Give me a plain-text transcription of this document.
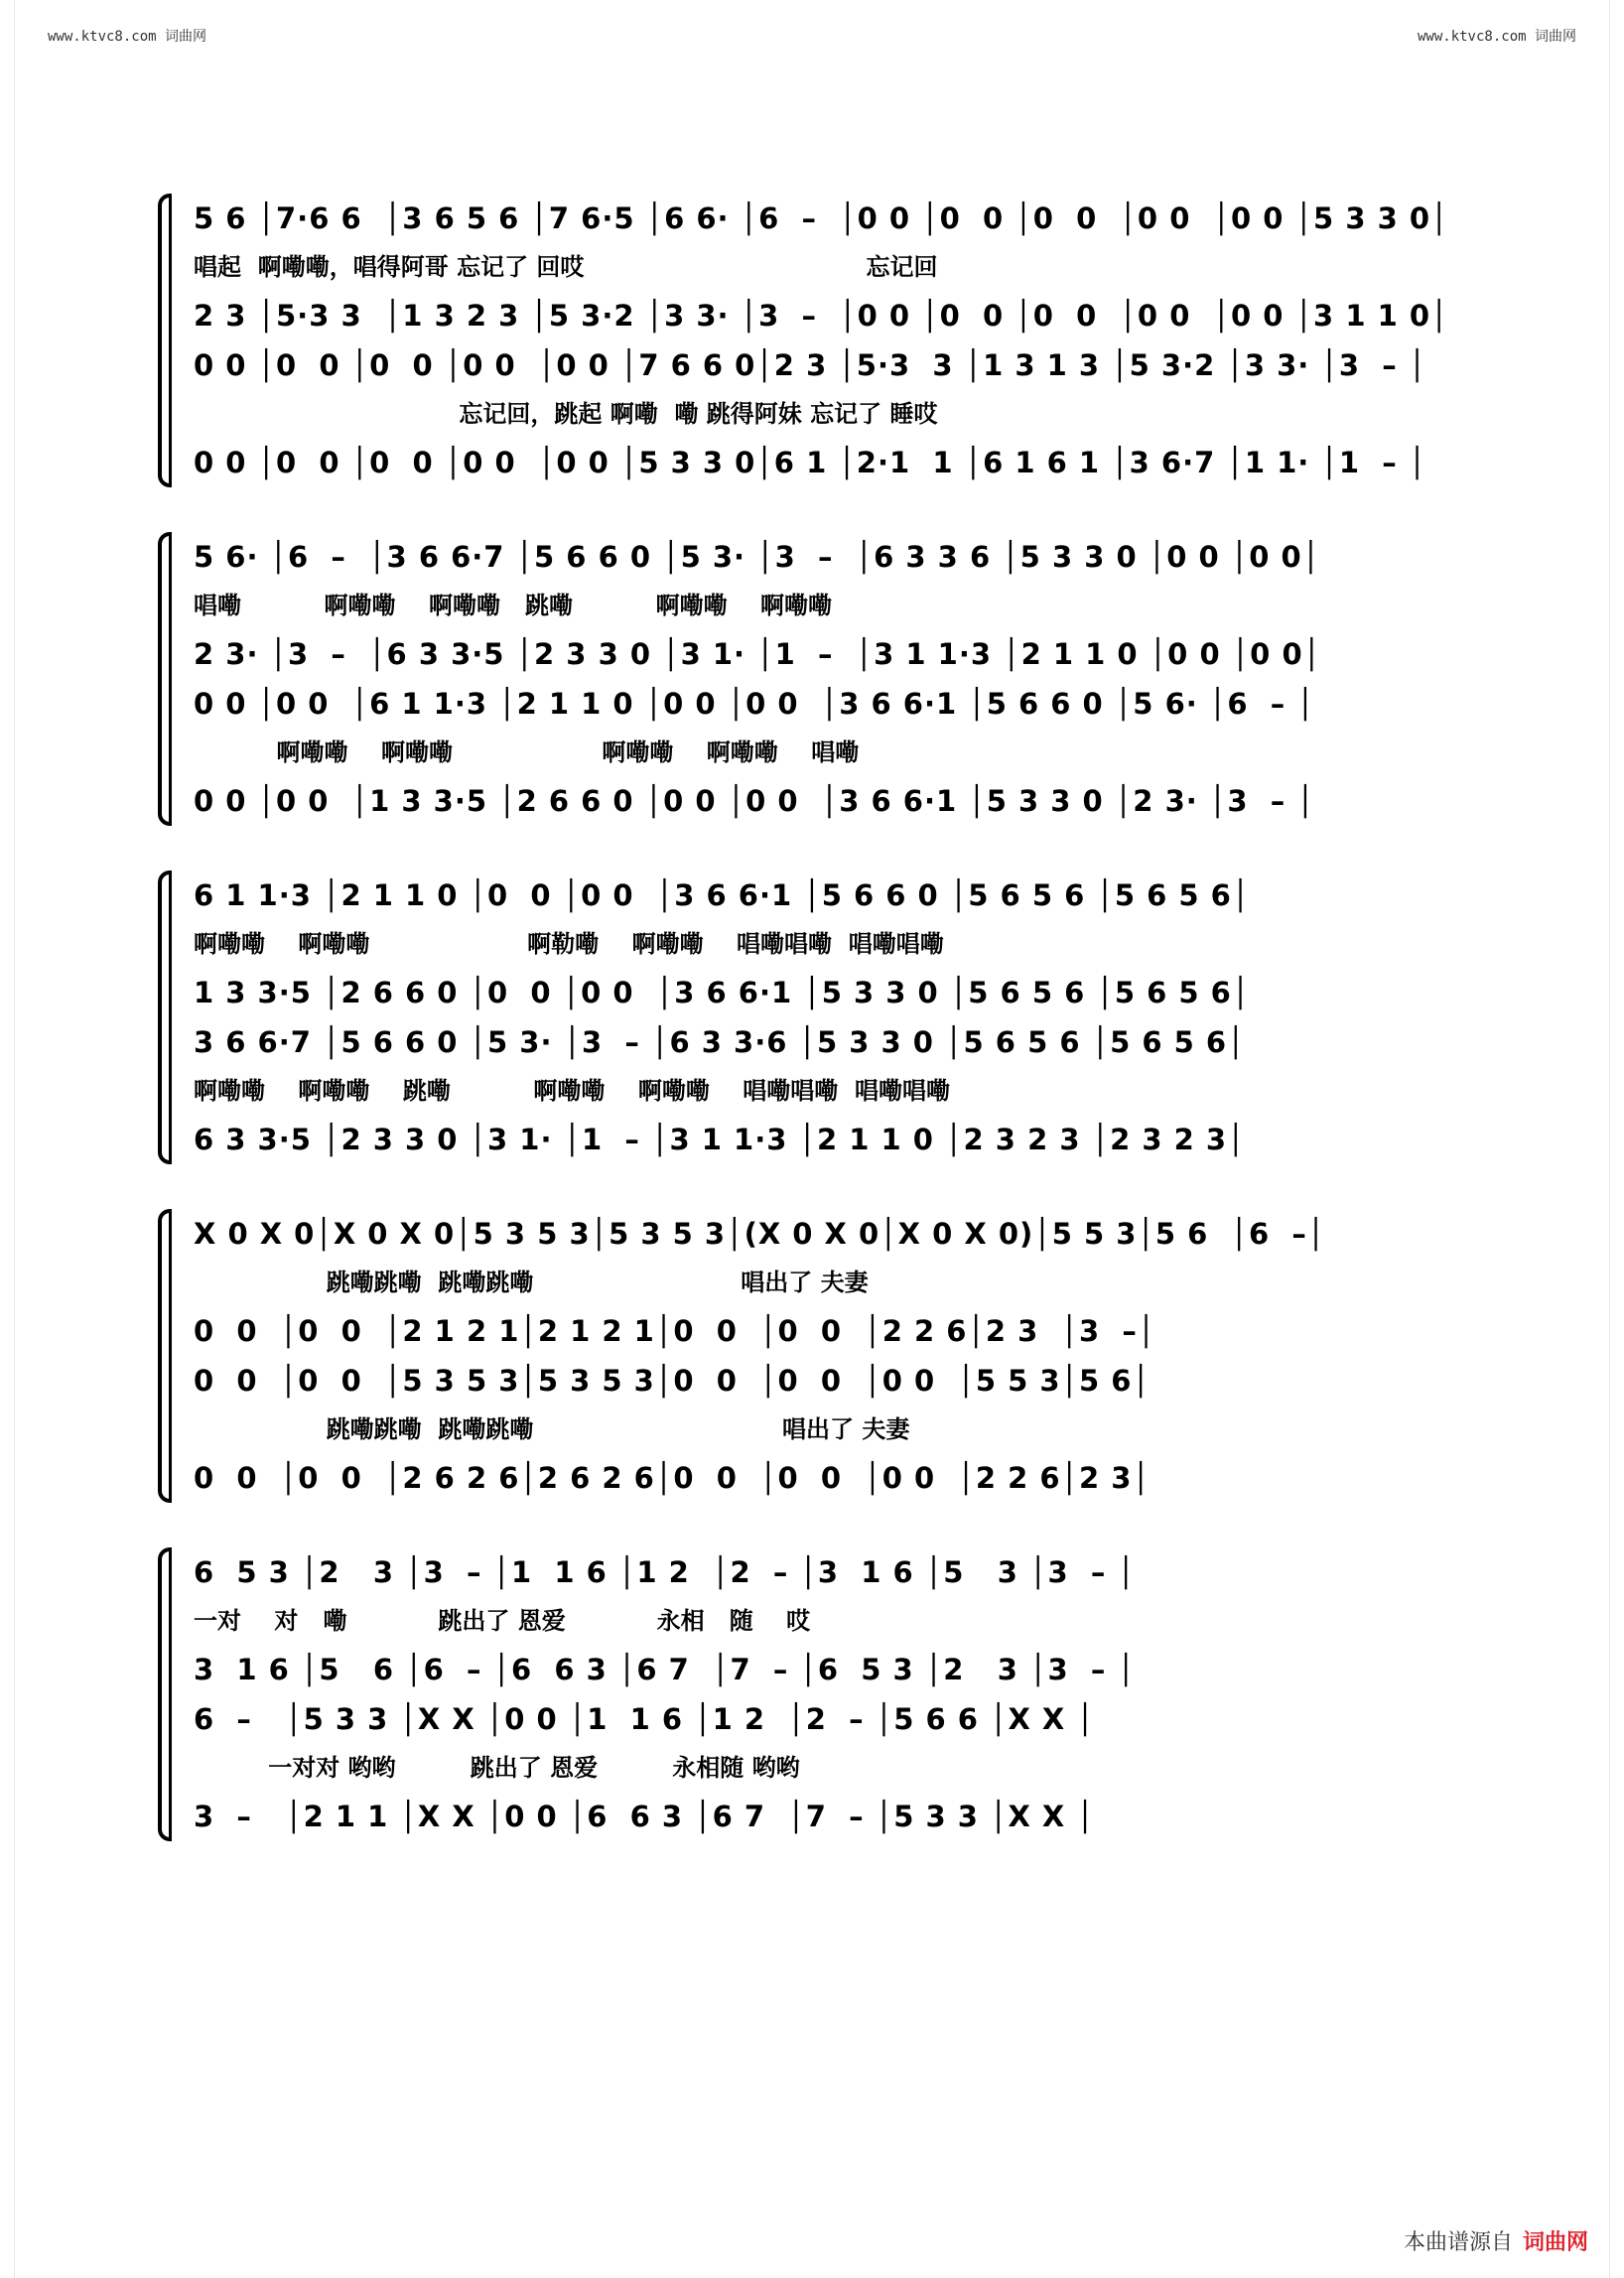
www.ktvc8.com 词曲网	www.ktvc8.com 词曲网
5 6 │7·6 6  │3 6 5 6 │7 6·5 │6 6· │6  –  │0 0 │0  0 │0  0  │0 0  │0 0 │5 3 3 0│
唱起  啊嘞嘞，唱得阿哥 忘记了 回哎                                  忘记回
2 3 │5·3 3  │1 3 2 3 │5 3·2 │3 3· │3  –  │0 0 │0  0 │0  0  │0 0  │0 0 │3 1 1 0│
0 0 │0  0 │0  0 │0 0  │0 0 │7 6 6 0│2 3 │5·3  3 │1 3 1 3 │5 3·2 │3 3· │3  – │
忘记回，跳起 啊嘞  嘞 跳得阿妹 忘记了 睡哎
0 0 │0  0 │0  0 │0 0  │0 0 │5 3 3 0│6 1 │2·1  1 │6 1 6 1 │3 6·7 │1 1· │1  – │
5 6· │6  –  │3 6 6·7 │5 6 6 0 │5 3· │3  –  │6 3 3 6 │5 3 3 0 │0 0 │0 0│
唱嘞          啊嘞嘞    啊嘞嘞   跳嘞          啊嘞嘞    啊嘞嘞
2 3· │3  –  │6 3 3·5 │2 3 3 0 │3 1· │1  –  │3 1 1·3 │2 1 1 0 │0 0 │0 0│
0 0 │0 0  │6 1 1·3 │2 1 1 0 │0 0 │0 0  │3 6 6·1 │5 6 6 0 │5 6· │6  – │
啊嘞嘞    啊嘞嘞                  啊嘞嘞    啊嘞嘞    唱嘞
0 0 │0 0  │1 3 3·5 │2 6 6 0 │0 0 │0 0  │3 6 6·1 │5 3 3 0 │2 3· │3  – │
6 1 1·3 │2 1 1 0 │0  0 │0 0  │3 6 6·1 │5 6 6 0 │5 6 5 6 │5 6 5 6│
啊嘞嘞    啊嘞嘞                   啊勒嘞    啊嘞嘞    唱嘞唱嘞  唱嘞唱嘞
1 3 3·5 │2 6 6 0 │0  0 │0 0  │3 6 6·1 │5 3 3 0 │5 6 5 6 │5 6 5 6│
3 6 6·7 │5 6 6 0 │5 3· │3  – │6 3 3·6 │5 3 3 0 │5 6 5 6 │5 6 5 6│
啊嘞嘞    啊嘞嘞    跳嘞          啊嘞嘞    啊嘞嘞    唱嘞唱嘞  唱嘞唱嘞
6 3 3·5 │2 3 3 0 │3 1· │1  – │3 1 1·3 │2 1 1 0 │2 3 2 3 │2 3 2 3│
X 0 X 0│X 0 X 0│5 3 5 3│5 3 5 3│(X 0 X 0│X 0 X 0)│5 5 3│5 6  │6  –│
跳嘞跳嘞  跳嘞跳嘞                         唱出了 夫妻
0  0  │0  0  │2 1 2 1│2 1 2 1│0  0  │0  0  │2 2 6│2 3  │3  –│
0  0  │0  0  │5 3 5 3│5 3 5 3│0  0  │0  0  │0 0  │5 5 3│5 6│
跳嘞跳嘞  跳嘞跳嘞                              唱出了 夫妻
0  0  │0  0  │2 6 2 6│2 6 2 6│0  0  │0  0  │0 0  │2 2 6│2 3│
6  5 3 │2   3 │3  – │1  1 6 │1 2  │2  – │3  1 6 │5   3 │3  – │
一对    对   嘞           跳出了 恩爱           永相   随    哎
3  1 6 │5   6 │6  – │6  6 3 │6 7  │7  – │6  5 3 │2   3 │3  – │
6  –   │5 3 3 │X X │0 0 │1  1 6 │1 2  │2  – │5 6 6 │X X │
一对对 哟哟         跳出了 恩爱         永相随 哟哟
3  –   │2 1 1 │X X │0 0 │6  6 3 │6 7  │7  – │5 3 3 │X X │
本曲谱源自 词曲网
